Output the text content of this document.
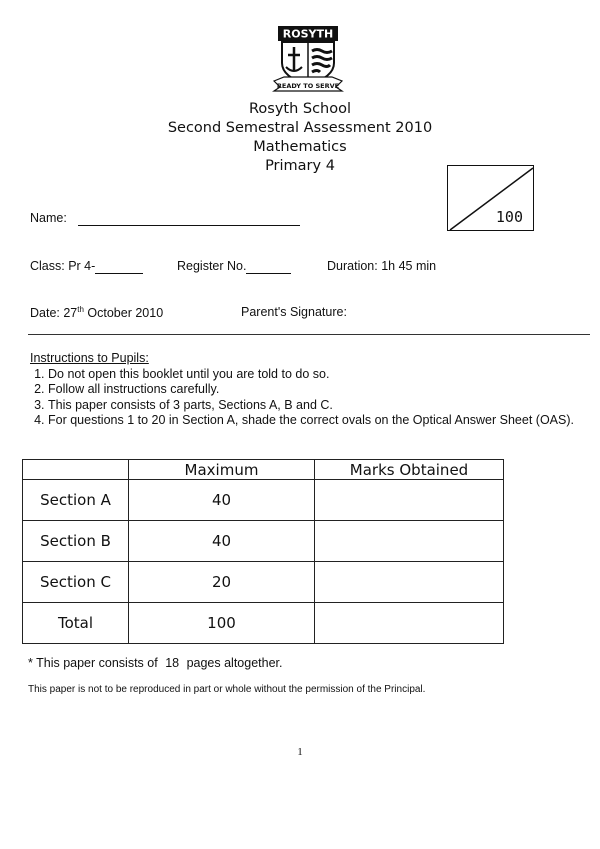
ROSYTH
READY TO SERVE
Rosyth School
Second Semestral Assessment 2010
Mathematics
Primary 4
100
Name:
Class: Pr 4-	Register No.	Duration: 1h 45 min
Date: 27th October 2010	Parent's Signature:
Instructions to Pupils:
1. Do not open this booklet until you are told to do so.
2. Follow all instructions carefully.
3. This paper consists of 3 parts, Sections A, B and C.
4. For questions 1 to 20 in Section A, shade the correct ovals on the Optical Answer Sheet (OAS).
	Maximum	Marks Obtained
Section A	40	
Section B	40	
Section C	20	
Total	100	
* This paper consists of 18 pages altogether.
This paper is not to be reproduced in part or whole without the permission of the Principal.
1
